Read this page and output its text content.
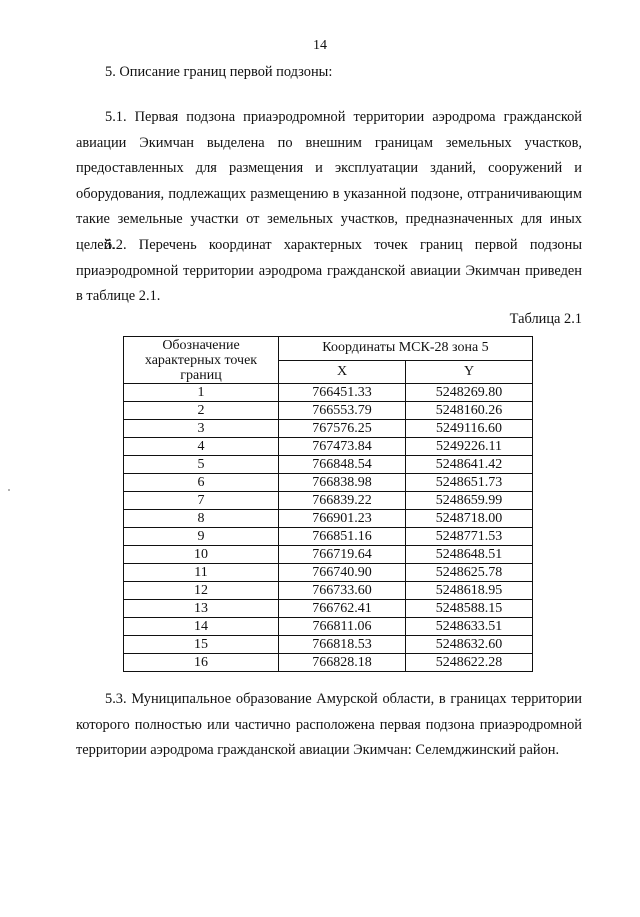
14

5. Описание границ первой подзоны:

5.1. Первая подзона приаэродромной территории аэродрома гражданской авиации Экимчан выделена по внешним границам земельных участков, предоставленных для размещения и эксплуатации зданий, сооружений и оборудования, подлежащих размещению в указанной подзоне, отграничивающим такие земельные участки от земельных участков, предназначенных для иных целей.

5.2. Перечень координат характерных точек границ первой подзоны приаэродромной территории аэродрома гражданской авиации Экимчан приведен в таблице 2.1.

Таблица 2.1
Обозначение характерных точек границ	Координаты МСК-28 зона 5	
	X	Y
1	766451.33	5248269.80
2	766553.79	5248160.26
3	767576.25	5249116.60
4	767473.84	5249226.11
5	766848.54	5248641.42
6	766838.98	5248651.73
7	766839.22	5248659.99
8	766901.23	5248718.00
9	766851.16	5248771.53
10	766719.64	5248648.51
11	766740.90	5248625.78
12	766733.60	5248618.95
13	766762.41	5248588.15
14	766811.06	5248633.51
15	766818.53	5248632.60
16	766828.18	5248622.28

5.3. Муниципальное образование Амурской области, в границах территории которого полностью или частично расположена первая подзона приаэродромной территории аэродрома гражданской авиации Экимчан: Селемджинский район.
